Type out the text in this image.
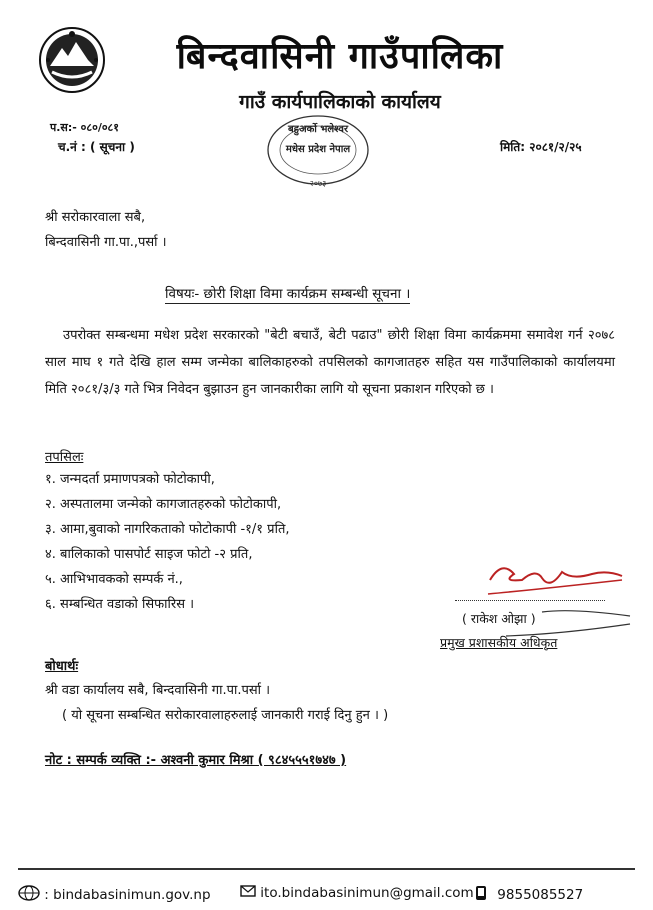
बिन्दवासिनी गाउँपालिका
गाउँ कार्यपालिकाको कार्यालय
प.स:- ०८०/०८१
च.नं : ( सूचना )	मिति: २०८१/२/२५
बहुअर्को भलेश्वर
मधेस प्रदेश नेपाल
२०७३
श्री सरोकारवाला सबै,
बिन्दवासिनी गा.पा.,पर्सा ।
विषयः- छोरी शिक्षा विमा कार्यक्रम सम्बन्धी सूचना ।
उपरोक्त सम्बन्धमा मधेश प्रदेश सरकारको "बेटी बचाउँ, बेटी पढाउ" छोरी शिक्षा विमा कार्यक्रममा समावेश गर्न २०७८ साल माघ १ गते देखि हाल सम्म जन्मेका बालिकाहरुको तपसिलको कागजातहरु सहित यस गाउँपालिकाको कार्यालयमा मिति २०८१/३/३ गते भित्र निवेदन बुझाउन हुन जानकारीका लागि यो सूचना प्रकाशन गरिएको छ ।
तपसिलः
१. जन्मदर्ता प्रमाणपत्रको फोटोकापी,
२. अस्पतालमा जन्मेको कागजातहरुको फोटोकापी,
३. आमा,बुवाको नागरिकताको फोटोकापी -१/१ प्रति,
४. बालिकाको पासपोर्ट साइज फोटो -२ प्रति,
५. आभिभावकको सम्पर्क नं.,
६. सम्बन्धित वडाको सिफारिस ।
( राकेश ओझा )
प्रमुख प्रशासकीय अधिकृत
बोधार्थः
श्री वडा कार्यालय सबै, बिन्दवासिनी गा.पा.पर्सा ।
( यो सूचना सम्बन्धित सरोकारवालाहरुलाई जानकारी गराई दिनु हुन । )
नोट : सम्पर्क व्यक्ति :- अश्वनी कुमार मिश्रा ( ९८४५५५१७४७ )
: bindabasinimun.gov.np	ito.bindabasinimun@gmail.com	9855085527
